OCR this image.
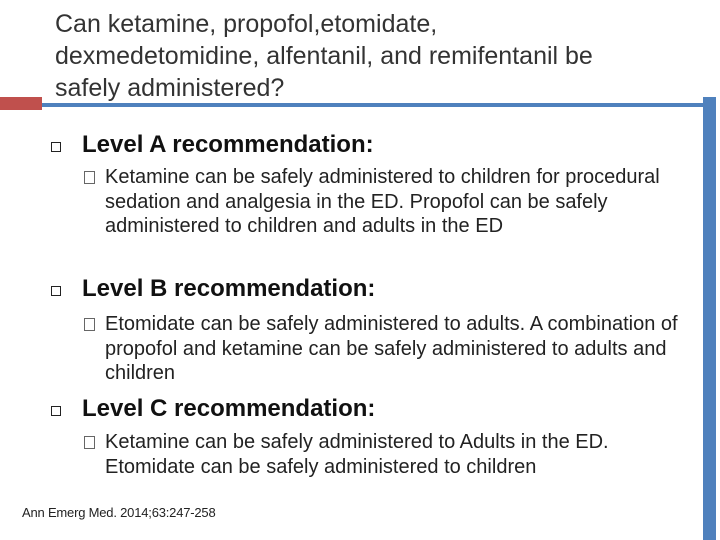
Can ketamine, propofol,etomidate,
dexmedetomidine, alfentanil, and remifentanil be
safely administered?
Level A recommendation:
Ketamine can be safely administered to children for procedural sedation and analgesia in the ED. Propofol can be safely administered to children and adults in the ED
Level B recommendation:
Etomidate can be safely administered to adults. A combination of propofol and ketamine can be safely administered to adults and children
Level C recommendation:
Ketamine can be safely administered to Adults in the ED. Etomidate can be safely administered to children
Ann Emerg Med. 2014;63:247-258
